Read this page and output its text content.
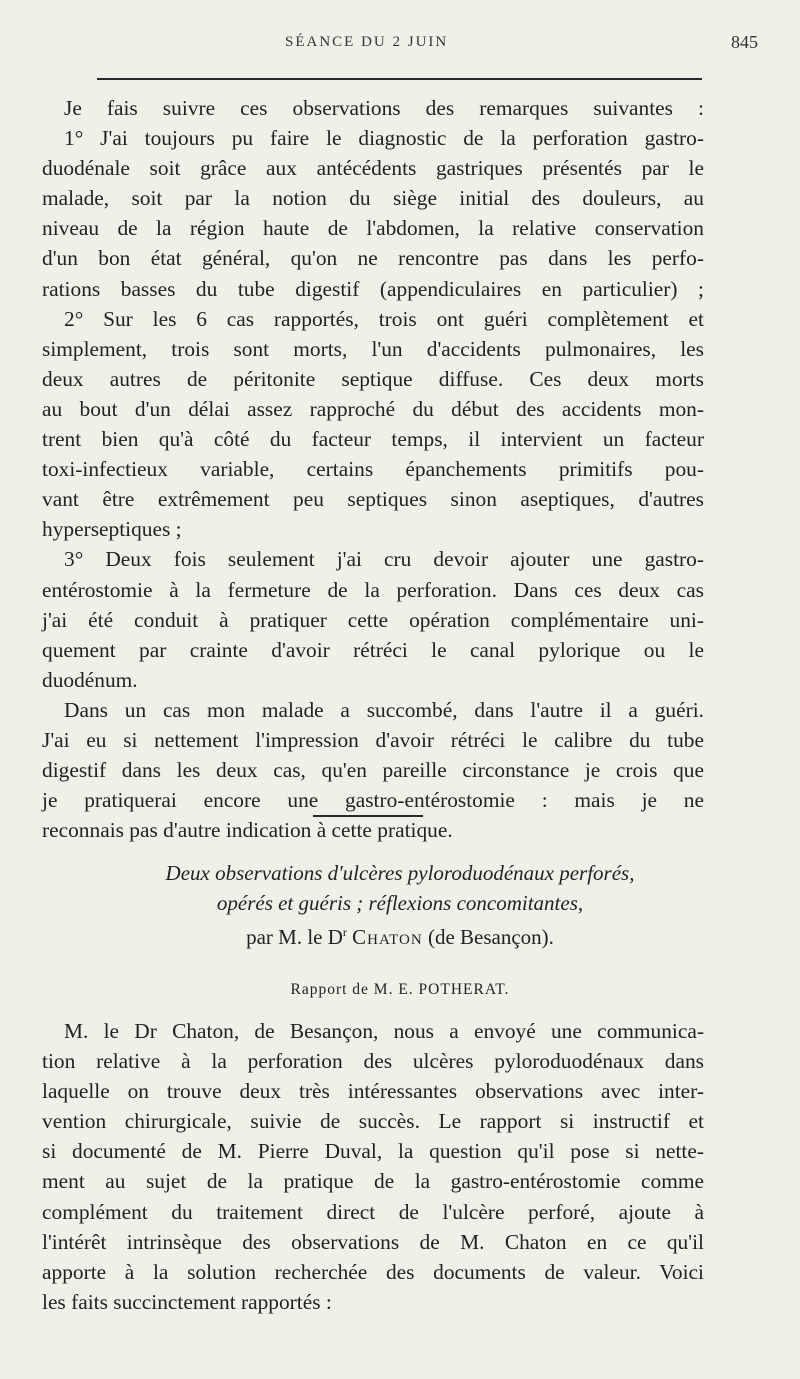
SÉANCE DU 2 JUIN	845
Je fais suivre ces observations des remarques suivantes :
1° J'ai toujours pu faire le diagnostic de la perforation gastro-
duodénale soit grâce aux antécédents gastriques présentés par le
malade, soit par la notion du siège initial des douleurs, au
niveau de la région haute de l'abdomen, la relative conservation
d'un bon état général, qu'on ne rencontre pas dans les perfo-
rations basses du tube digestif (appendiculaires en particulier) ;
2° Sur les 6 cas rapportés, trois ont guéri complètement et
simplement, trois sont morts, l'un d'accidents pulmonaires, les
deux autres de péritonite septique diffuse. Ces deux morts
au bout d'un délai assez rapproché du début des accidents mon-
trent bien qu'à côté du facteur temps, il intervient un facteur
toxi-infectieux variable, certains épanchements primitifs pou-
vant être extrêmement peu septiques sinon aseptiques, d'autres
hyperseptiques ;
3° Deux fois seulement j'ai cru devoir ajouter une gastro-
entérostomie à la fermeture de la perforation. Dans ces deux cas
j'ai été conduit à pratiquer cette opération complémentaire uni-
quement par crainte d'avoir rétréci le canal pylorique ou le
duodénum.
Dans un cas mon malade a succombé, dans l'autre il a guéri.
J'ai eu si nettement l'impression d'avoir rétréci le calibre du tube
digestif dans les deux cas, qu'en pareille circonstance je crois que
je pratiquerai encore une gastro-entérostomie : mais je ne
reconnais pas d'autre indication à cette pratique.
Deux observations d'ulcères pyloroduodénaux perforés,
opérés et guéris ; réflexions concomitantes,
par M. le $D^r$ Chaton (de Besançon).
Rapport de M. E. POTHERAT.
M. le Dr Chaton, de Besançon, nous a envoyé une communica-
tion relative à la perforation des ulcères pyloroduodénaux dans
laquelle on trouve deux très intéressantes observations avec inter-
vention chirurgicale, suivie de succès. Le rapport si instructif et
si documenté de M. Pierre Duval, la question qu'il pose si nette-
ment au sujet de la pratique de la gastro-entérostomie comme
complément du traitement direct de l'ulcère perforé, ajoute à
l'intérêt intrinsèque des observations de M. Chaton en ce qu'il
apporte à la solution recherchée des documents de valeur. Voici
les faits succinctement rapportés :
